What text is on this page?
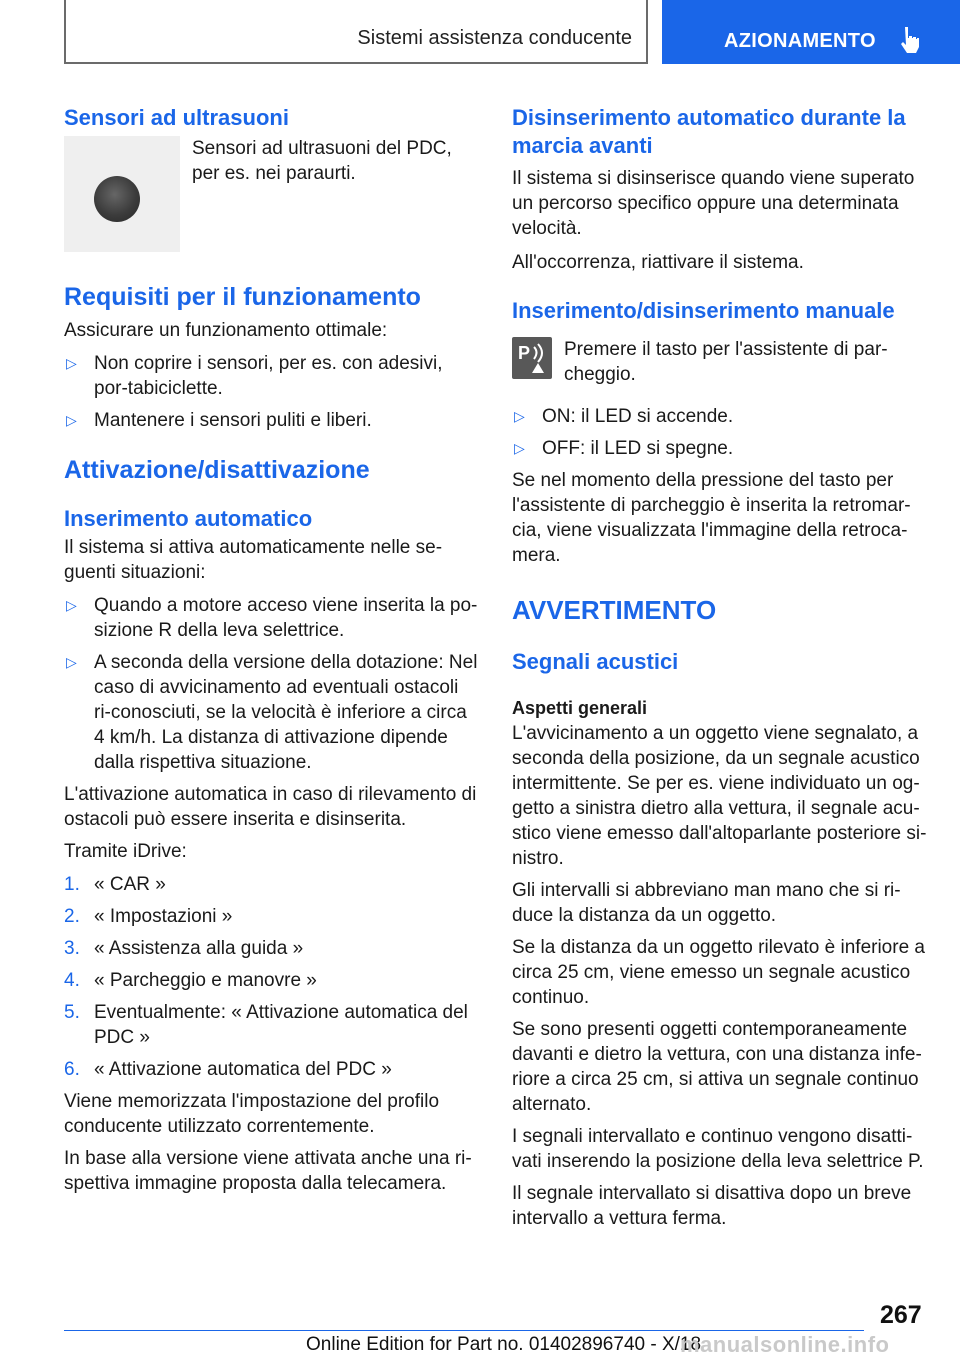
Sistemi assistenza conducente	AZIONAMENTO
Sensori ad ultrasuoni

Sensori ad ultrasuoni del PDC, per es. nei paraurti.

Requisiti per il funzionamento

Assicurare un funzionamento ottimale:

▷ Non coprire i sensori, per es. con adesivi, por-tabiciclette.
▷ Mantenere i sensori puliti e liberi.
Attivazione/disattivazione
Inserimento automatico

Il sistema si attiva automaticamente nelle se-guenti situazioni:

▷ Quando a motore acceso viene inserita la po-sizione R della leva selettrice.
▷ A seconda della versione della dotazione: Nel caso di avvicinamento ad eventuali ostacoli ri-conosciuti, se la velocità è inferiore a circa 4 km/h. La distanza di attivazione dipende dalla rispettiva situazione.

L'attivazione automatica in caso di rilevamento di ostacoli può essere inserita e disinserita.

Tramite iDrive:

1. « CAR »
2. « Impostazioni »
3. « Assistenza alla guida »
4. « Parcheggio e manovre »
5. Eventualmente: « Attivazione automatica del PDC »
6. « Attivazione automatica del PDC »

Viene memorizzata l'impostazione del profilo conducente utilizzato correntemente.

In base alla versione viene attivata anche una ri-spettiva immagine proposta dalla telecamera.

Disinserimento automatico durante la marcia avanti

Il sistema si disinserisce quando viene superato un percorso specifico oppure una determinata velocità.

All'occorrenza, riattivare il sistema.

Inserimento/disinserimento manuale
P	Premere il tasto per l'assistente di par-cheggio.

▷ ON: il LED si accende.
▷ OFF: il LED si spegne.

Se nel momento della pressione del tasto per l'assistente di parcheggio è inserita la retromar-cia, viene visualizzata l'immagine della retroca-mera.

AVVERTIMENTO
Segnali acustici
Aspetti generali

L'avvicinamento a un oggetto viene segnalato, a seconda della posizione, da un segnale acustico intermittente. Se per es. viene individuato un og-getto a sinistra dietro alla vettura, il segnale acu-stico viene emesso dall'altoparlante posteriore si-nistro.

Gli intervalli si abbreviano man mano che si ri-duce la distanza da un oggetto.

Se la distanza da un oggetto rilevato è inferiore a circa 25 cm, viene emesso un segnale acustico continuo.

Se sono presenti oggetti contemporaneamente davanti e dietro la vettura, con una distanza infe-riore a circa 25 cm, si attiva un segnale continuo alternato.

I segnali intervallato e continuo vengono disatti-vati inserendo la posizione della leva selettrice P.

Il segnale intervallato si disattiva dopo un breve intervallo a vettura ferma.

267
Online Edition for Part no. 01402896740 - X/18
manualsonline.info
